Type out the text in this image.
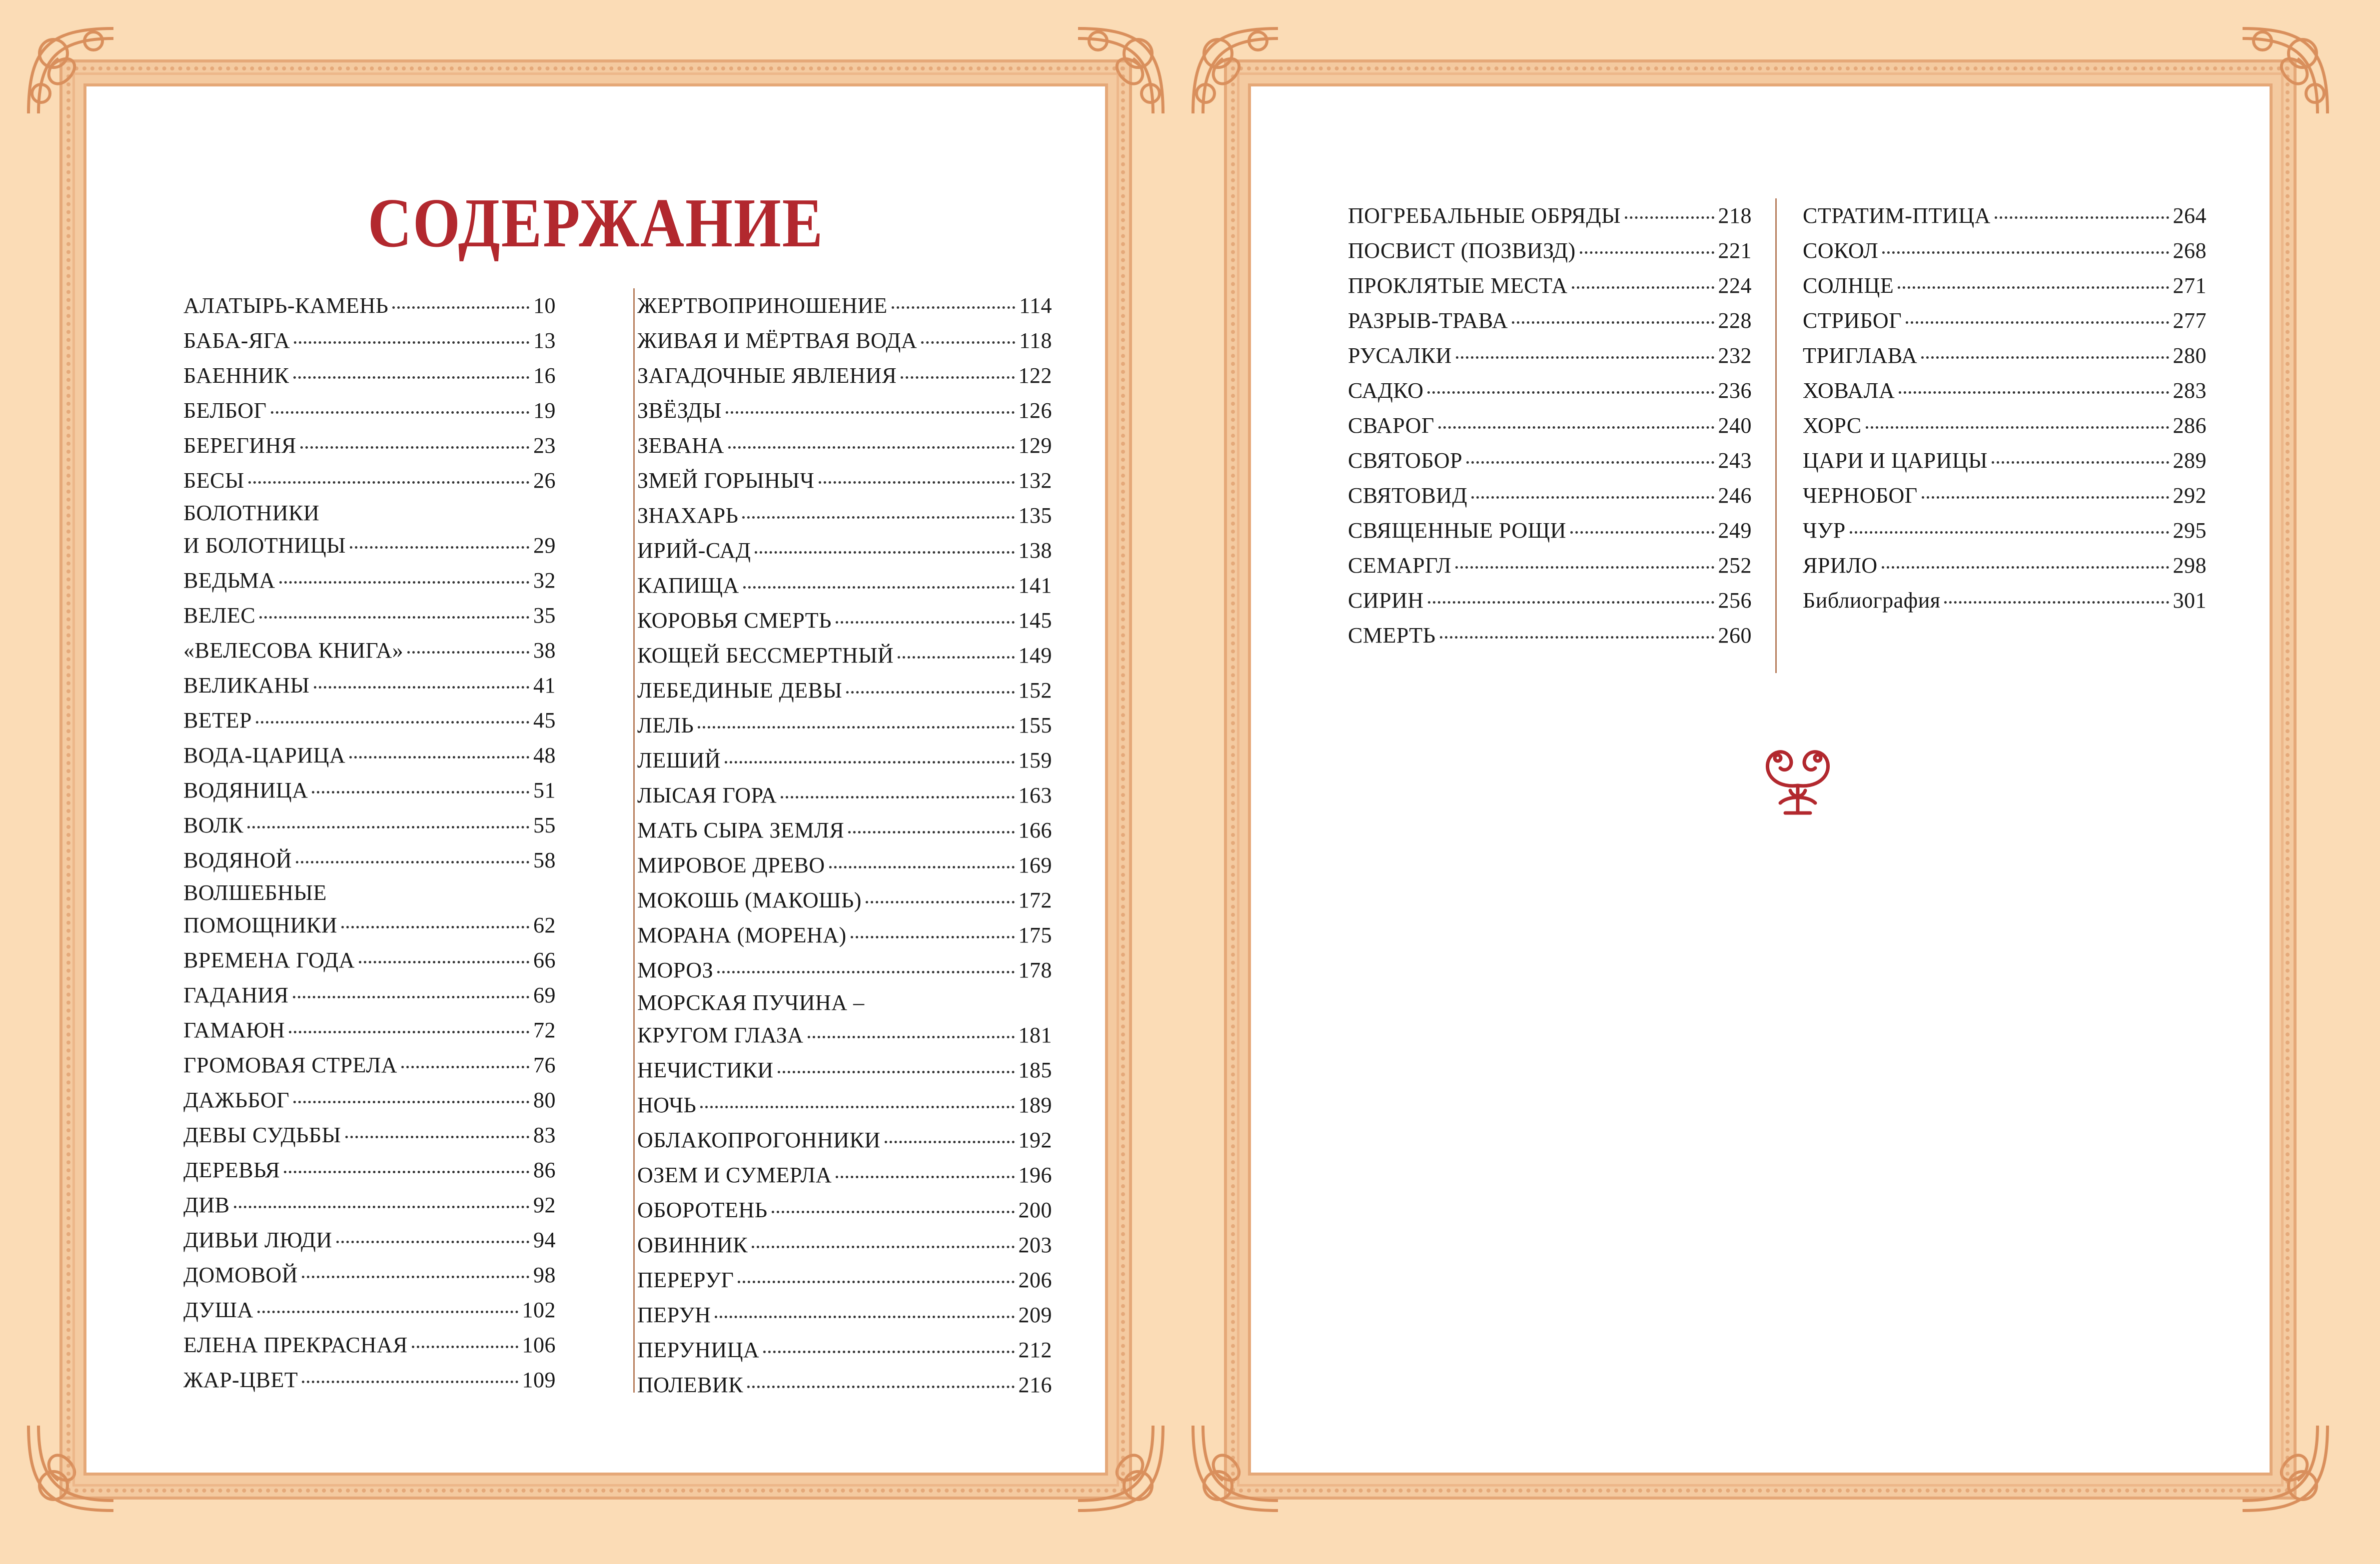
СОДЕРЖАНИЕ
АЛАТЫРЬ-КАМЕНЬ	10
БАБА-ЯГА	13
БАЕННИК	16
БЕЛБОГ	19
БЕРЕГИНЯ	23
БЕСЫ	26
БОЛОТНИКИ
И БОЛОТНИЦЫ	29
ВЕДЬМА	32
ВЕЛЕС	35
«ВЕЛЕСОВА КНИГА»	38
ВЕЛИКАНЫ	41
ВЕТЕР	45
ВОДА-ЦАРИЦА	48
ВОДЯНИЦА	51
ВОЛК	55
ВОДЯНОЙ	58
ВОЛШЕБНЫЕ
ПОМОЩНИКИ	62
ВРЕМЕНА ГОДА	66
ГАДАНИЯ	69
ГАМАЮН	72
ГРОМОВАЯ СТРЕЛА	76
ДАЖЬБОГ	80
ДЕВЫ СУДЬБЫ	83
ДЕРЕВЬЯ	86
ДИВ	92
ДИВЬИ ЛЮДИ	94
ДОМОВОЙ	98
ДУША	102
ЕЛЕНА ПРЕКРАСНАЯ	106
ЖАР-ЦВЕТ	109
ЖЕРТВОПРИНОШЕНИЕ	114
ЖИВАЯ И МЁРТВАЯ ВОДА	118
ЗАГАДОЧНЫЕ ЯВЛЕНИЯ	122
ЗВЁЗДЫ	126
ЗЕВАНА	129
ЗМЕЙ ГОРЫНЫЧ	132
ЗНАХАРЬ	135
ИРИЙ-САД	138
КАПИЩА	141
КОРОВЬЯ СМЕРТЬ	145
КОЩЕЙ БЕССМЕРТНЫЙ	149
ЛЕБЕДИНЫЕ ДЕВЫ	152
ЛЕЛЬ	155
ЛЕШИЙ	159
ЛЫСАЯ ГОРА	163
МАТЬ СЫРА ЗЕМЛЯ	166
МИРОВОЕ ДРЕВО	169
МОКОШЬ (МАКОШЬ)	172
МОРАНА (МОРЕНА)	175
МОРОЗ	178
МОРСКАЯ ПУЧИНА –
КРУГОМ ГЛАЗА	181
НЕЧИСТИКИ	185
НОЧЬ	189
ОБЛАКОПРОГОННИКИ	192
ОЗЕМ И СУМЕРЛА	196
ОБОРОТЕНЬ	200
ОВИННИК	203
ПЕРЕРУГ	206
ПЕРУН	209
ПЕРУНИЦА	212
ПОЛЕВИК	216
ПОГРЕБАЛЬНЫЕ ОБРЯДЫ	218
ПОСВИСТ (ПОЗВИЗД)	221
ПРОКЛЯТЫЕ МЕСТА	224
РАЗРЫВ-ТРАВА	228
РУСАЛКИ	232
САДКО	236
СВАРОГ	240
СВЯТОБОР	243
СВЯТОВИД	246
СВЯЩЕННЫЕ РОЩИ	249
СЕМАРГЛ	252
СИРИН	256
СМЕРТЬ	260
СТРАТИМ-ПТИЦА	264
СОКОЛ	268
СОЛНЦЕ	271
СТРИБОГ	277
ТРИГЛАВА	280
ХОВАЛА	283
ХОРС	286
ЦАРИ И ЦАРИЦЫ	289
ЧЕРНОБОГ	292
ЧУР	295
ЯРИЛО	298
Библиография	301
